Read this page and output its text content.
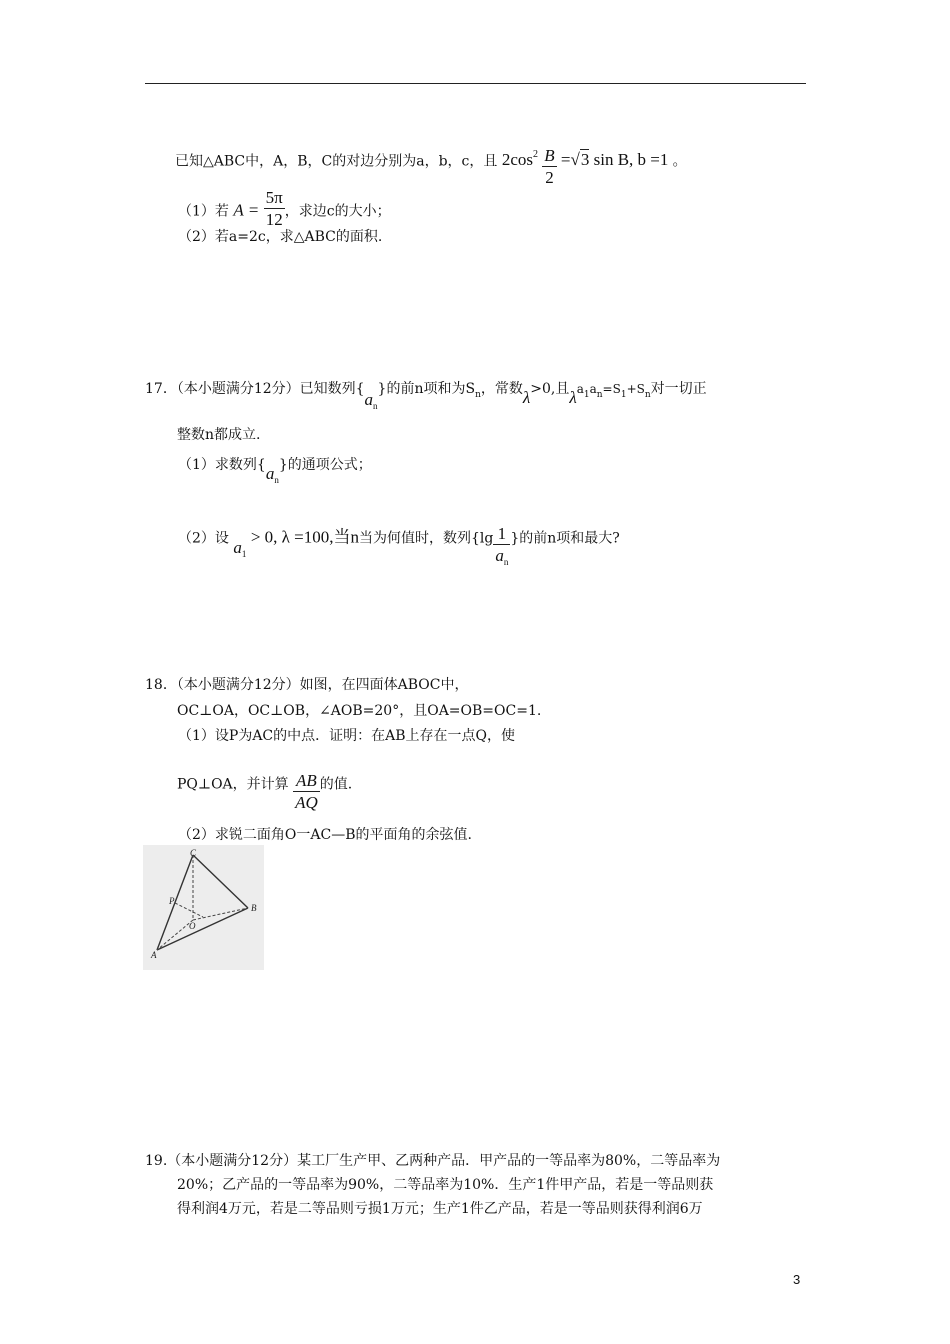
已知△ABC中，A，B，C的对边分别为a，b，c，且 $2\cos^2 \frac{B}{2} =√3$ sin B, b =1 。
（1）若 $A = \frac{5\pi}{12}$ ，求边c的大小；
（2）若a=2c，求△ABC的面积.
17．（本小题满分12分）已知数列$\{a_n\}$的前n项和为$S_n$，常数λ>0,且$\lambda a_1a_n=S_1+S_n$对一切正
整数n都成立.
（1）求数列$\{a_n\}$的通项公式；
（2）设 $a_1 > 0$, λ =100,当n当为何值时，数列{$\lg \frac{1}{a_n}$ }的前n项和最大?
18．（本小题满分12分）如图，在四面体ABOC中，
OC⊥OA，OC⊥OB，∠AOB=20°，且OA=OB=OC=1.
（1）设P为AC的中点．证明：在AB上存在一点Q，使
PQ⊥OA，并计算 $\frac{AB}{AQ}$ 的值.
（2）求锐二面角O一AC—B的平面角的余弦值.
C
P
O
B
A
19.（本小题满分12分）某工厂生产甲、乙两种产品．甲产品的一等品率为80%，二等品率为
20%；乙产品的一等品率为90%，二等品率为10%．生产1件甲产品，若是一等品则获
得利润4万元，若是二等品则亏损1万元；生产1件乙产品，若是一等品则获得利润6万
3
